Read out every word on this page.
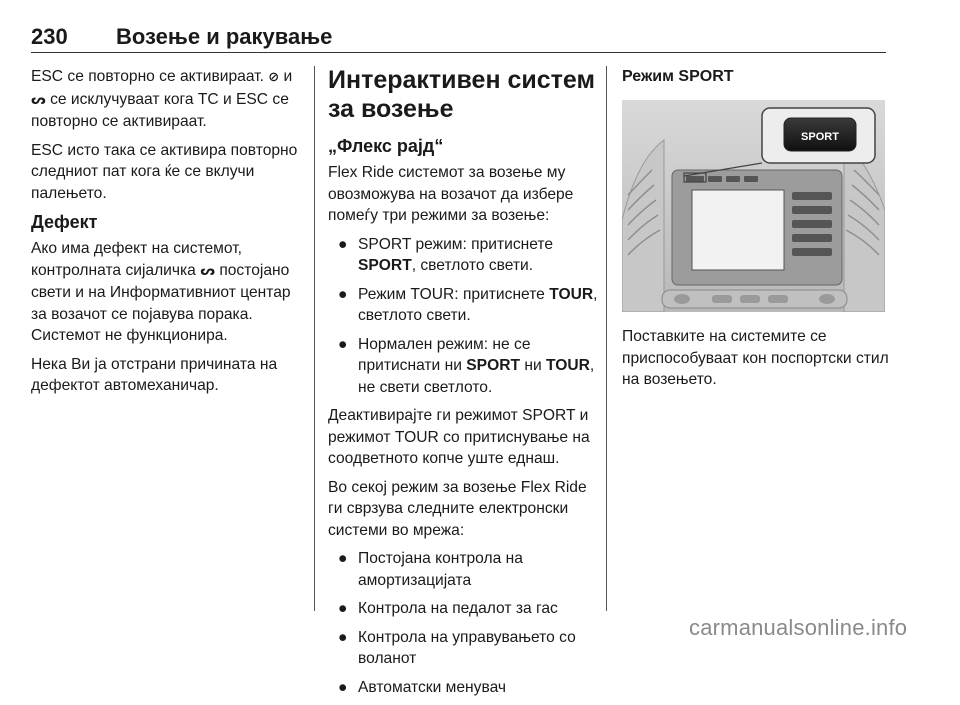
230 Возење и ракување

ESC се повторно се активираат. ⊘ и ᔕ се исклучуваат кога TC и ESC се повторно се активираат.

ESC исто така се активира повторно следниот пат кога ќе се вклучи палењето.

Дефект

Ако има дефект на системот, контролната сијаличка ᔕ постојано свети и на Информативниот центар за возачот се појавува порака. Системот не функционира.

Нека Ви ја отстрани причината на дефектот автомеханичар.

Интерактивен систем за возење
„Флекс рајд“

Flex Ride системот за возење му овозможува на возачот да избере помеѓу три режими за возење:

● SPORT режим: притиснете SPORT, светлото свети.
● Режим TOUR: притиснете TOUR, светлото свети.
● Нормален режим: не се притиснати ни SPORT ни TOUR, не свети светлото.

Деактивирајте ги режимот SPORT и режимот TOUR со притиснување на соодветното копче уште еднаш.

Во секој режим за возење Flex Ride ги сврзува следните електронски системи во мрежа:

● Постојана контрола на амортизацијата
● Контрола на педалот за гас
● Контрола на управувањето со воланот
● Автоматски менувач
Режим SPORT
SPORT

Поставките на системите се приспособуваат кон поспортски стил на возењето.

carmanualsonline.info
